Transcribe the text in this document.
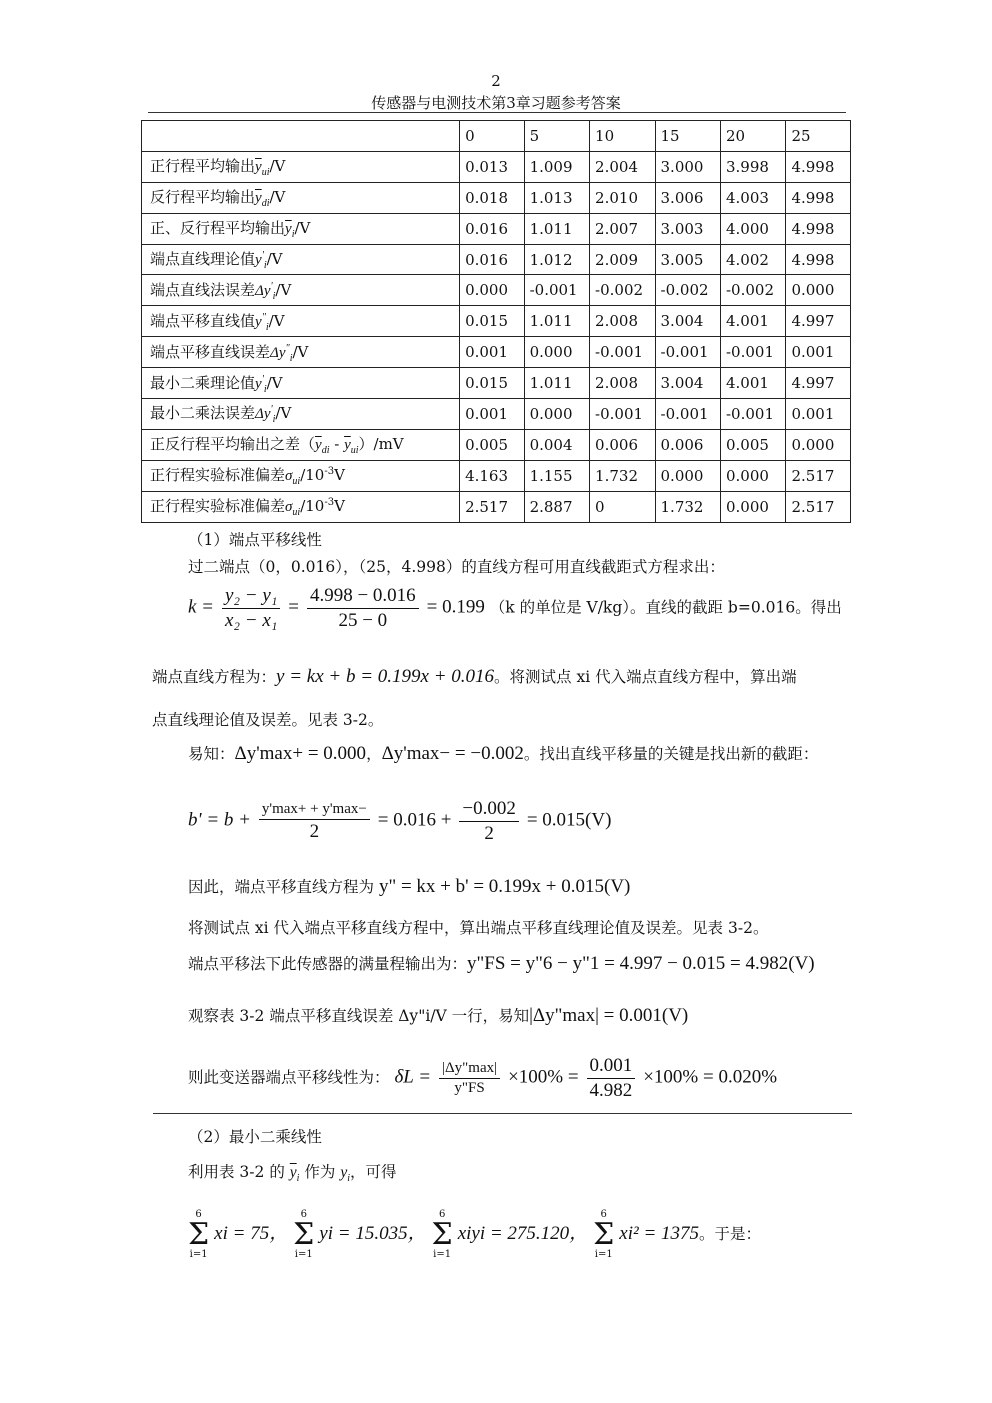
2
传感器与电测技术第3章习题参考答案
	0	5	10	15	20	25
正行程平均输出$\overline{y}_{ui}/V$	0.013	1.009	2.004	3.000	3.998	4.998
反行程平均输出$\overline{y}_{di}/V$	0.018	1.013	2.010	3.006	4.003	4.998
正、反行程平均输出$\overline{y}_i/V$	0.016	1.011	2.007	3.003	4.000	4.998
端点直线理论值$y'_i/V$	0.016	1.012	2.009	3.005	4.002	4.998
端点直线法误差$\Delta y'_i/V$	0.000	-0.001	-0.002	-0.002	-0.002	0.000
端点平移直线值$y^"_i/V$	0.015	1.011	2.008	3.004	4.001	4.997
端点平移直线误差$\Delta y^"_i/V$	0.001	0.000	-0.001	-0.001	-0.001	0.001
最小二乘理论值$y'_i/V$	0.015	1.011	2.008	3.004	4.001	4.997
最小二乘法误差$\Delta y'_i/V$	0.001	0.000	-0.001	-0.001	-0.001	0.001
正反行程平均输出之差$(\overline{y}_{di} - \overline{y}_{ui})/mV$	0.005	0.004	0.006	0.006	0.005	0.000
正行程实验标准偏差$\sigma_{ui}/10^{-3}V$	4.163	1.155	1.732	0.000	0.000	2.517
正行程实验标准偏差$\sigma_{ui}/10^{-3}V$	2.517	2.887	0	1.732	0.000	2.517
（1）端点平移线性
过二端点（0，0.016），（25，4.998）的直线方程可用直线截距式方程求出：
$k = \frac{\text{y₂ − y₁}}{\text{x₂ − x₁}} = \frac{4.998 - 0.016}{25 - 0} = 0.199$ （k 的单位是 V/kg）。直线的截距 b=0.016。得出
端点直线方程为：y = kx + b = 0.199x + 0.016。将测试点 xi 代入端点直线方程中，算出端
点直线理论值及误差。见表 3-2。
易知：Δy'max+ = 0.000，Δy'max− = −0.002。找出直线平移量的关键是找出新的截距：
$b' = b + \frac{y'\max+ + y'\max-}{2} = 0.016 + \frac{-0.002}{2} = 0.015(V)$
因此，端点平移直线方程为 y" = kx + b' = 0.199x + 0.015(V)
将测试点 xi 代入端点平移直线方程中，算出端点平移直线理论值及误差。见表 3-2。
端点平移法下此传感器的满量程输出为：y"FS = y"6 − y"1 = 4.997 − 0.015 = 4.982(V)
观察表 3-2 端点平移直线误差 Δy"i/V 一行，易知|Δy"max| = 0.001(V)
则此变送器端点平移线性为： $\delta L = \frac{|\Delta y"\max|}{y"FS} \times 100\% = \frac{0.001}{4.982} \times 100\% = 0.020\%$
（2）最小二乘线性
利用表 3-2 的 $\overline{y}_i$ 作为 $y_i$，可得
6
Σ
i=1
xi = 75，
6
Σ
i=1
yi = 15.035，
6
Σ
i=1
xiyi = 275.120，
6
Σ
i=1
xi² = 1375。于是：
